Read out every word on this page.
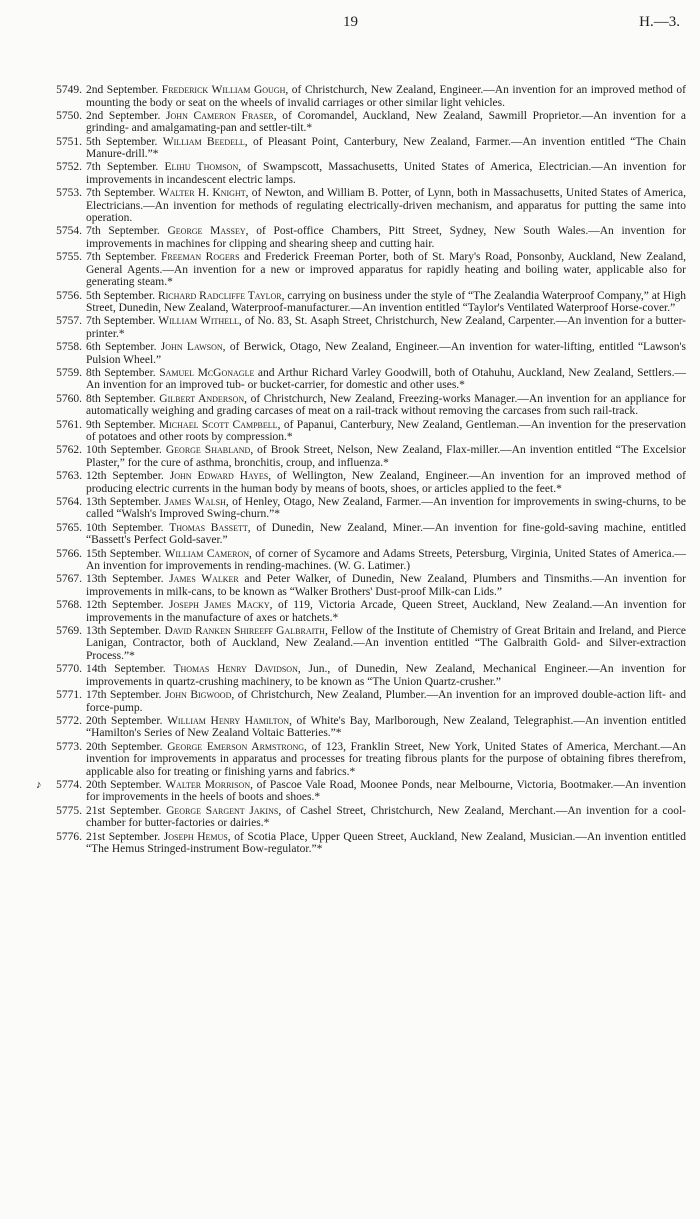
19	H.—3.
5749. 2nd September. Frederick William Gough, of Christchurch, New Zealand, Engineer.—An invention for an improved method of mounting the body or seat on the wheels of invalid carriages or other similar light vehicles.
5750. 2nd September. John Cameron Fraser, of Coromandel, Auckland, New Zealand, Sawmill Proprietor.—An invention for a grinding- and amalgamating-pan and settler-tilt.*
5751. 5th September. William Beedell, of Pleasant Point, Canterbury, New Zealand, Farmer.—An invention entitled “The Chain Manure-drill.”*
5752. 7th September. Elihu Thomson, of Swampscott, Massachusetts, United States of America, Electrician.—An invention for improvements in incandescent electric lamps.
5753. 7th September. Walter H. Knight, of Newton, and William B. Potter, of Lynn, both in Massachusetts, United States of America, Electricians.—An invention for methods of regulating electrically-driven mechanism, and apparatus for putting the same into operation.
5754. 7th September. George Massey, of Post-office Chambers, Pitt Street, Sydney, New South Wales.—An invention for improvements in machines for clipping and shearing sheep and cutting hair.
5755. 7th September. Freeman Rogers and Frederick Freeman Porter, both of St. Mary's Road, Ponsonby, Auckland, New Zealand, General Agents.—An invention for a new or improved apparatus for rapidly heating and boiling water, applicable also for generating steam.*
5756. 5th September. Richard Radcliffe Taylor, carrying on business under the style of “The Zealandia Waterproof Company,” at High Street, Dunedin, New Zealand, Waterproof-manufacturer.—An invention entitled “Taylor's Ventilated Waterproof Horse-cover.”
5757. 7th September. William Withell, of No. 83, St. Asaph Street, Christchurch, New Zealand, Carpenter.—An invention for a butter-printer.*
5758. 6th September. John Lawson, of Berwick, Otago, New Zealand, Engineer.—An invention for water-lifting, entitled “Lawson's Pulsion Wheel.”
5759. 8th September. Samuel McGonagle and Arthur Richard Varley Goodwill, both of Otahuhu, Auckland, New Zealand, Settlers.—An invention for an improved tub- or bucket-carrier, for domestic and other uses.*
5760. 8th September. Gilbert Anderson, of Christchurch, New Zealand, Freezing-works Manager.—An invention for an appliance for automatically weighing and grading carcases of meat on a rail-track without removing the carcases from such rail-track.
5761. 9th September. Michael Scott Campbell, of Papanui, Canterbury, New Zealand, Gentleman.—An invention for the preservation of potatoes and other roots by compression.*
5762. 10th September. George Shabland, of Brook Street, Nelson, New Zealand, Flax-miller.—An invention entitled “The Excelsior Plaster,” for the cure of asthma, bronchitis, croup, and influenza.*
5763. 12th September. John Edward Hayes, of Wellington, New Zealand, Engineer.—An invention for an improved method of producing electric currents in the human body by means of boots, shoes, or articles applied to the feet.*
5764. 13th September. James Walsh, of Henley, Otago, New Zealand, Farmer.—An invention for improvements in swing-churns, to be called “Walsh's Improved Swing-churn.”*
5765. 10th September. Thomas Bassett, of Dunedin, New Zealand, Miner.—An invention for fine-gold-saving machine, entitled “Bassett's Perfect Gold-saver.”
5766. 15th September. William Cameron, of corner of Sycamore and Adams Streets, Petersburg, Virginia, United States of America.—An invention for improvements in rending-machines. (W. G. Latimer.)
5767. 13th September. James Walker and Peter Walker, of Dunedin, New Zealand, Plumbers and Tinsmiths.—An invention for improvements in milk-cans, to be known as “Walker Brothers' Dust-proof Milk-can Lids.”
5768. 12th September. Joseph James Macky, of 119, Victoria Arcade, Queen Street, Auckland, New Zealand.—An invention for improvements in the manufacture of axes or hatchets.*
5769. 13th September. David Ranken Shireeff Galbraith, Fellow of the Institute of Chemistry of Great Britain and Ireland, and Pierce Lanigan, Contractor, both of Auckland, New Zealand.—An invention entitled “The Galbraith Gold- and Silver-extraction Process.”*
5770. 14th September. Thomas Henry Davidson, Jun., of Dunedin, New Zealand, Mechanical Engineer.—An invention for improvements in quartz-crushing machinery, to be known as “The Union Quartz-crusher.”
5771. 17th September. John Bigwood, of Christchurch, New Zealand, Plumber.—An invention for an improved double-action lift- and force-pump.
5772. 20th September. William Henry Hamilton, of White's Bay, Marlborough, New Zealand, Telegraphist.—An invention entitled “Hamilton's Series of New Zealand Voltaic Batteries.”*
5773. 20th September. George Emerson Armstrong, of 123, Franklin Street, New York, United States of America, Merchant.—An invention for improvements in apparatus and processes for treating fibrous plants for the purpose of obtaining fibres therefrom, applicable also for treating or finishing yarns and fabrics.*
♪	5774. 20th September. Walter Morrison, of Pascoe Vale Road, Moonee Ponds, near Melbourne, Victoria, Bootmaker.—An invention for improvements in the heels of boots and shoes.*
5775. 21st September. George Sargent Jakins, of Cashel Street, Christchurch, New Zealand, Merchant.—An invention for a cool-chamber for butter-factories or dairies.*
5776. 21st September. Joseph Hemus, of Scotia Place, Upper Queen Street, Auckland, New Zealand, Musician.—An invention entitled “The Hemus Stringed-instrument Bow-regulator.”*
